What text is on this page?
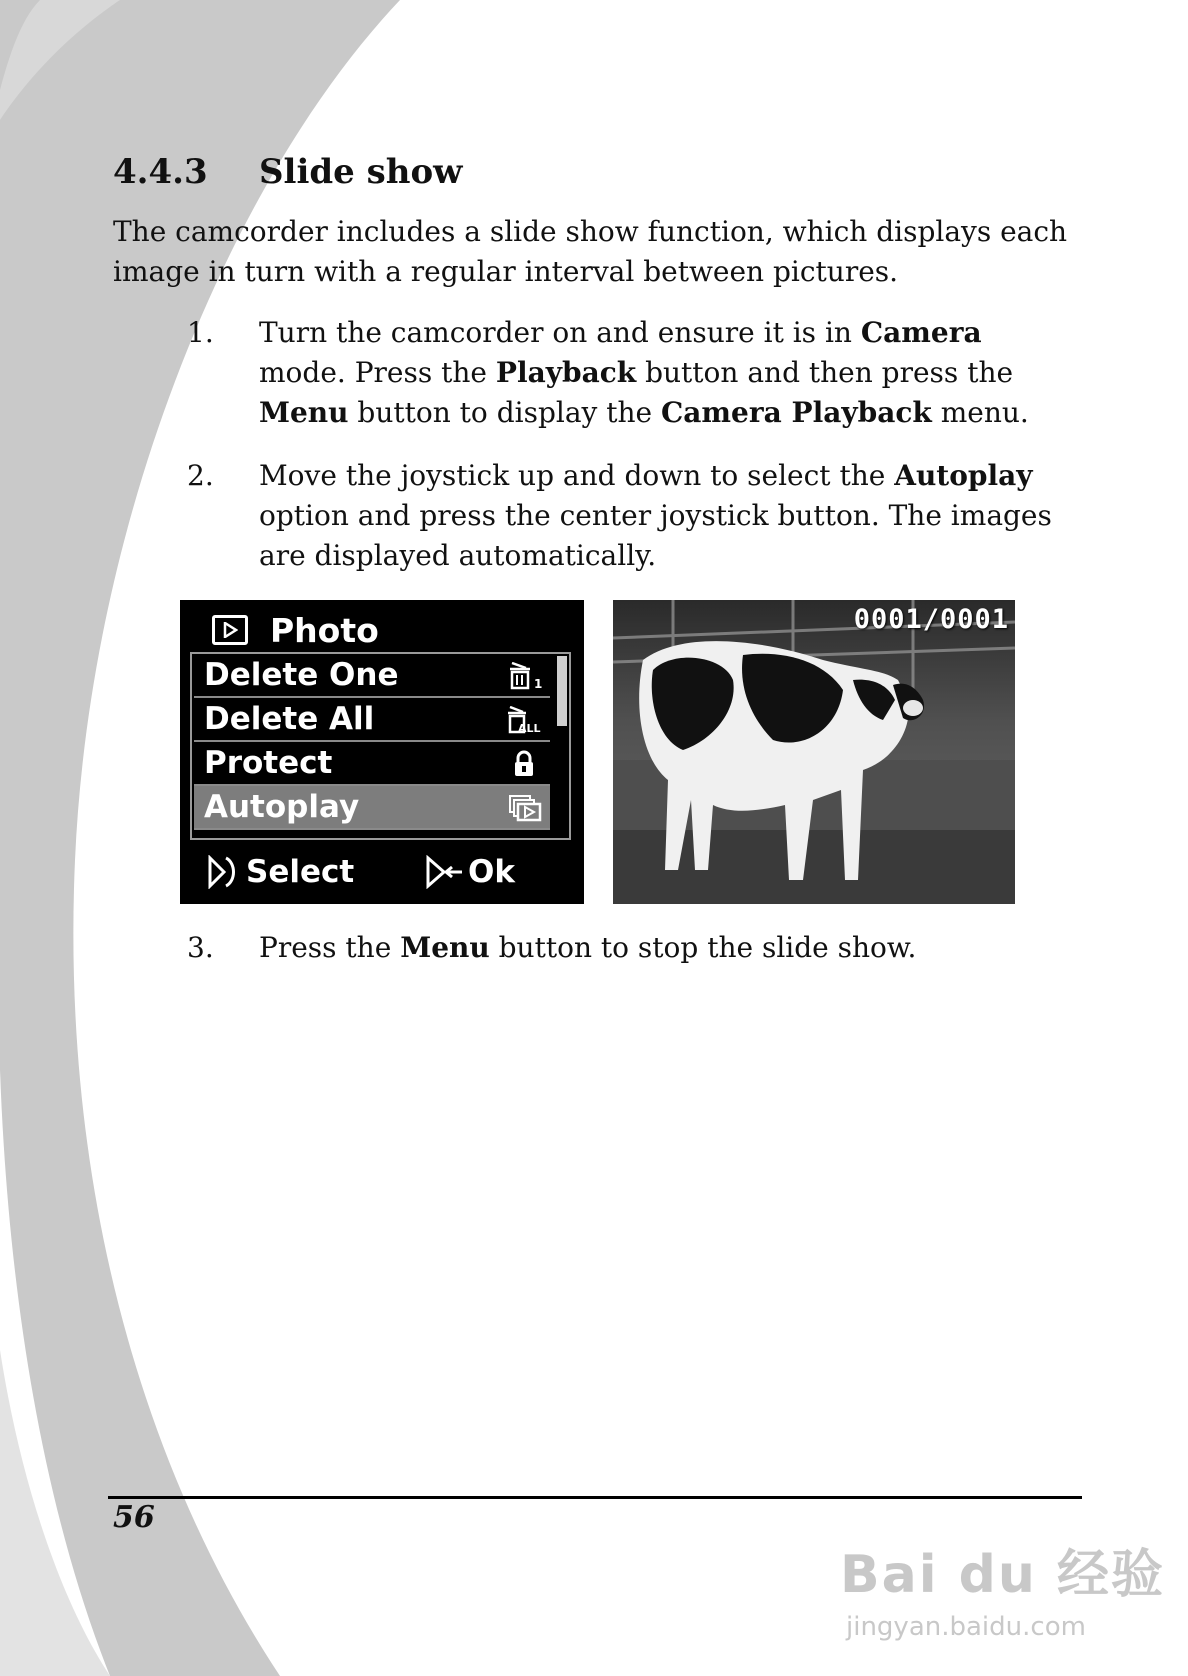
4.4.3 Slide show
The camcorder includes a slide show function, which displays each image in turn with a regular interval between pictures.
1. Turn the camcorder on and ensure it is in Camera mode. Press the Playback button and then press the Menu button to display the Camera Playback menu.
2. Move the joystick up and down to select the Autoplay option and press the center joystick button. The images are displayed automatically.
Photo
Delete One	1
Delete All	ALL
Protect
Autoplay
Select	Ok
0001/0001
3. Press the Menu button to stop the slide show.
56
Bai du 经验
jingyan.baidu.com
